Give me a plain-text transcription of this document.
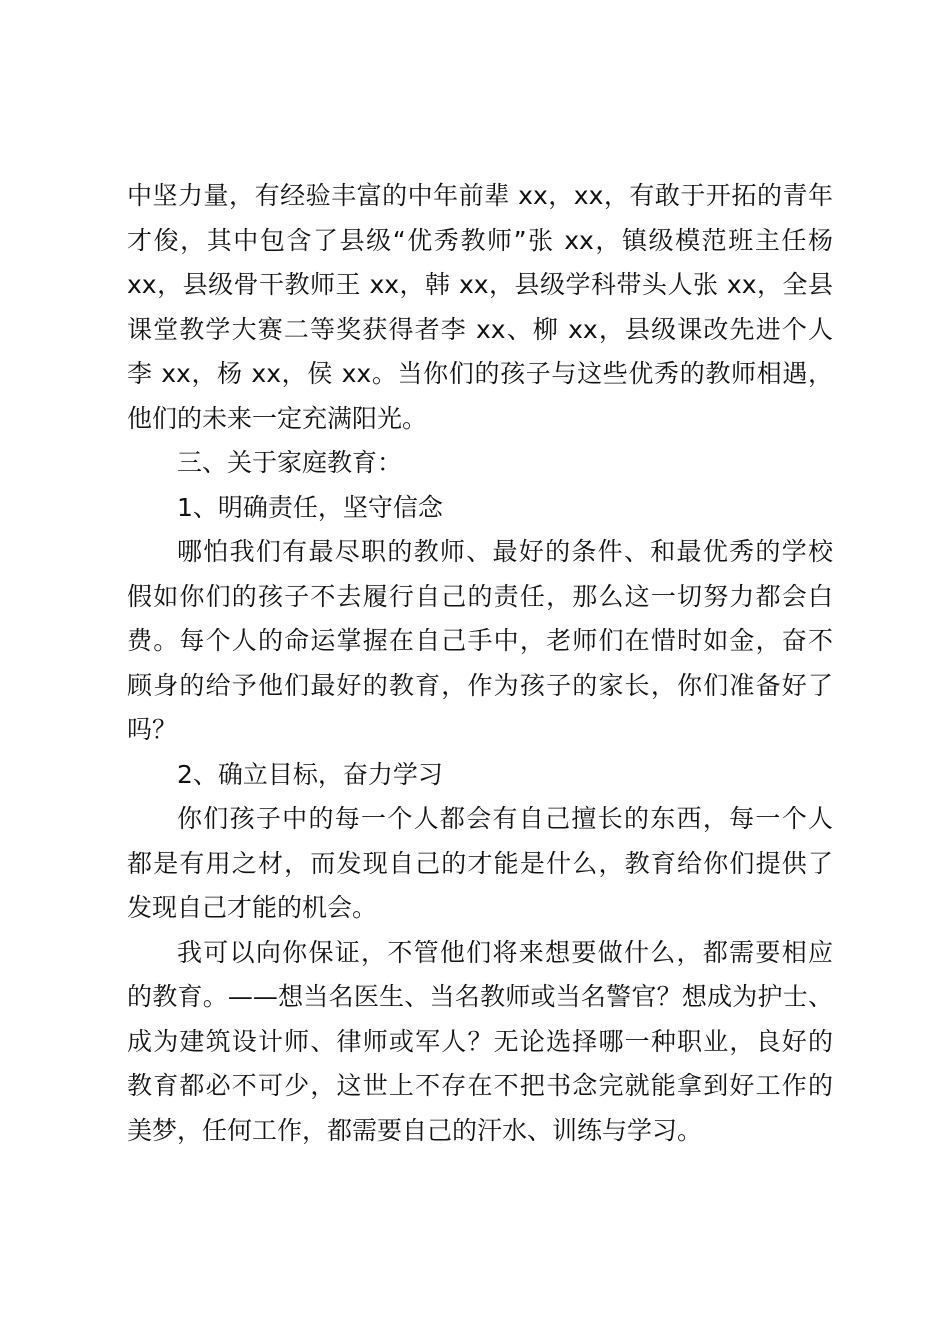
中坚力量，有经验丰富的中年前辈 xx，xx，有敢于开拓的青年
才俊，其中包含了县级“优秀教师”张 xx，镇级模范班主任杨
xx，县级骨干教师王 xx，韩 xx，县级学科带头人张 xx，全县
课堂教学大赛二等奖获得者李 xx、柳 xx，县级课改先进个人
李 xx，杨 xx，侯 xx。当你们的孩子与这些优秀的教师相遇，
他们的未来一定充满阳光。
三、关于家庭教育：
1、明确责任，坚守信念
哪怕我们有最尽职的教师、最好的条件、和最优秀的学校
假如你们的孩子不去履行自己的责任，那么这一切努力都会白
费。每个人的命运掌握在自己手中，老师们在惜时如金，奋不
顾身的给予他们最好的教育，作为孩子的家长，你们准备好了
吗？
2、确立目标，奋力学习
你们孩子中的每一个人都会有自己擅长的东西，每一个人
都是有用之材，而发现自己的才能是什么，教育给你们提供了
发现自己才能的机会。
我可以向你保证，不管他们将来想要做什么，都需要相应
的教育。——想当名医生、当名教师或当名警官？想成为护士、
成为建筑设计师、律师或军人？无论选择哪一种职业，良好的
教育都必不可少，这世上不存在不把书念完就能拿到好工作的
美梦，任何工作，都需要自己的汗水、训练与学习。
